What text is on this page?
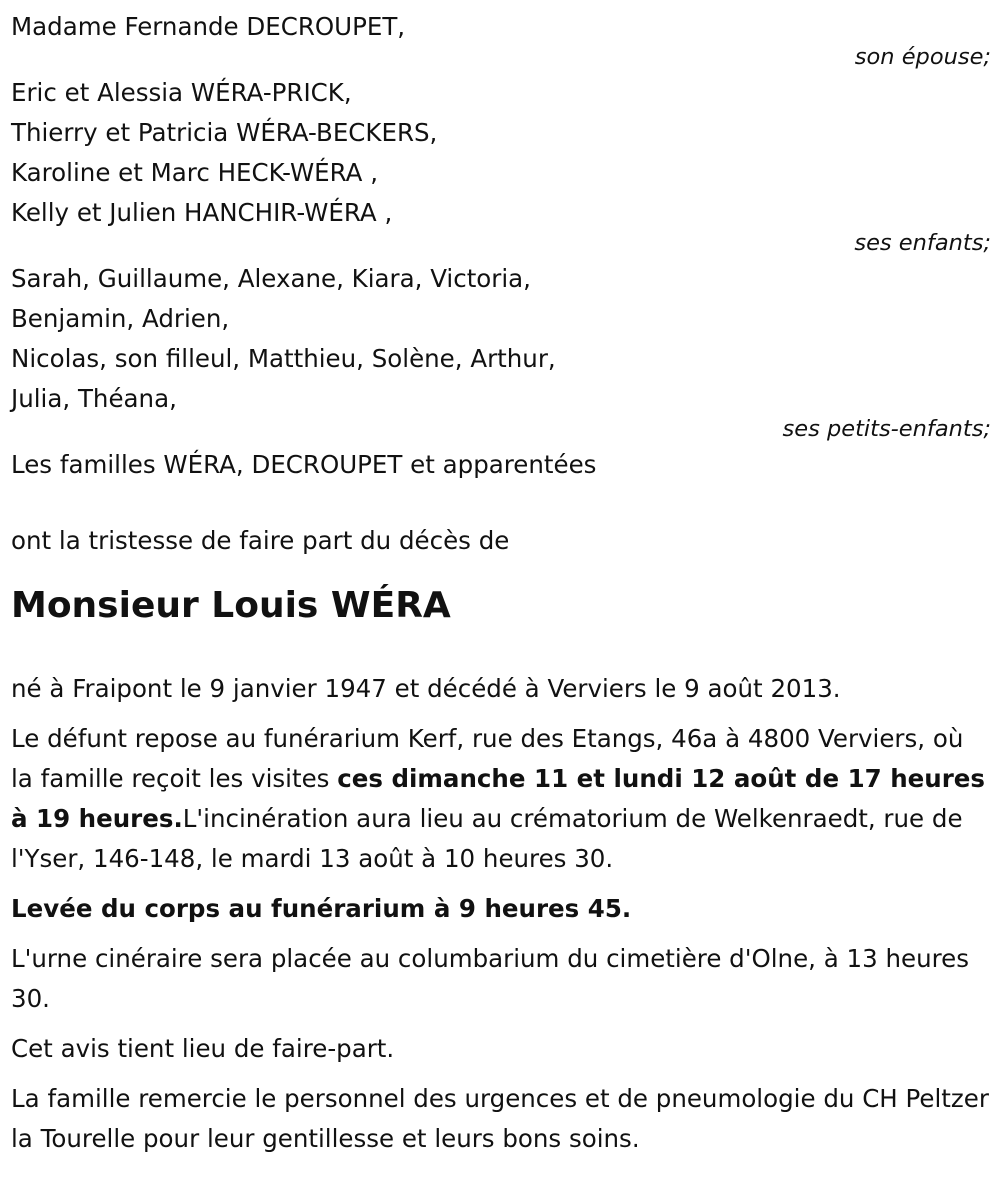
Madame Fernande DECROUPET,
son épouse;
Eric et Alessia WÉRA-PRICK,
Thierry et Patricia WÉRA-BECKERS,
Karoline et Marc HECK-WÉRA ,
Kelly et Julien HANCHIR-WÉRA ,
ses enfants;
Sarah, Guillaume, Alexane, Kiara, Victoria,
Benjamin, Adrien,
Nicolas, son filleul, Matthieu, Solène, Arthur,
Julia, Théana,
ses petits-enfants;
Les familles WÉRA, DECROUPET et apparentées
ont la tristesse de faire part du décès de
Monsieur Louis WÉRA
né à Fraipont le 9 janvier 1947 et décédé à Verviers le 9 août 2013.
Le défunt repose au funérarium Kerf, rue des Etangs, 46a à 4800 Verviers, où la famille reçoit les visites ces dimanche 11 et lundi 12 août de 17 heures à 19 heures.L'incinération aura lieu au crématorium de Welkenraedt, rue de l'Yser, 146-148, le mardi 13 août à 10 heures 30.
Levée du corps au funérarium à 9 heures 45.
L'urne cinéraire sera placée au columbarium du cimetière d'Olne, à 13 heures 30.
Cet avis tient lieu de faire-part.
La famille remercie le personnel des urgences et de pneumologie du CH Peltzer la Tourelle pour leur gentillesse et leurs bons soins.
